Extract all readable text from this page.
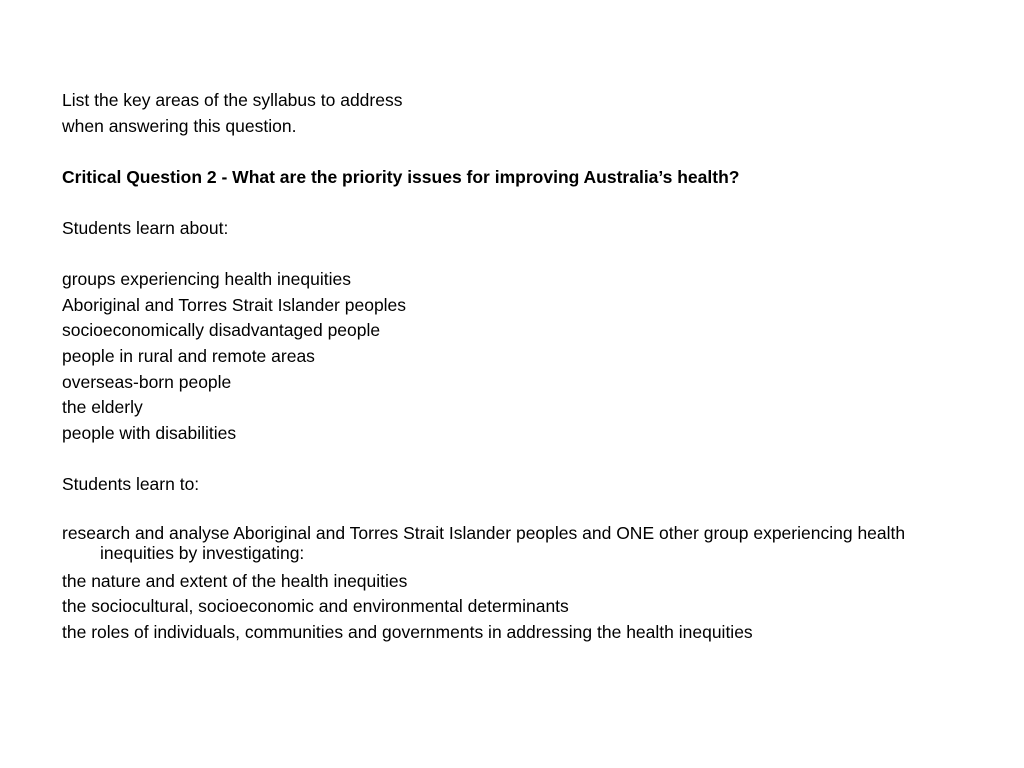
List the key areas of the syllabus to address

when answering this question.

Critical Question 2 - What are the priority issues for improving Australia’s health?

Students learn about:

groups experiencing health inequities

Aboriginal and Torres Strait Islander peoples

socioeconomically disadvantaged people

people in rural and remote areas

overseas-born people

the elderly

people with disabilities

Students learn to:

research and analyse Aboriginal and Torres Strait Islander peoples and ONE other group experiencing health inequities by investigating:

the nature and extent of the health inequities

the sociocultural, socioeconomic and environmental determinants

the roles of individuals, communities and governments in addressing the health inequities
